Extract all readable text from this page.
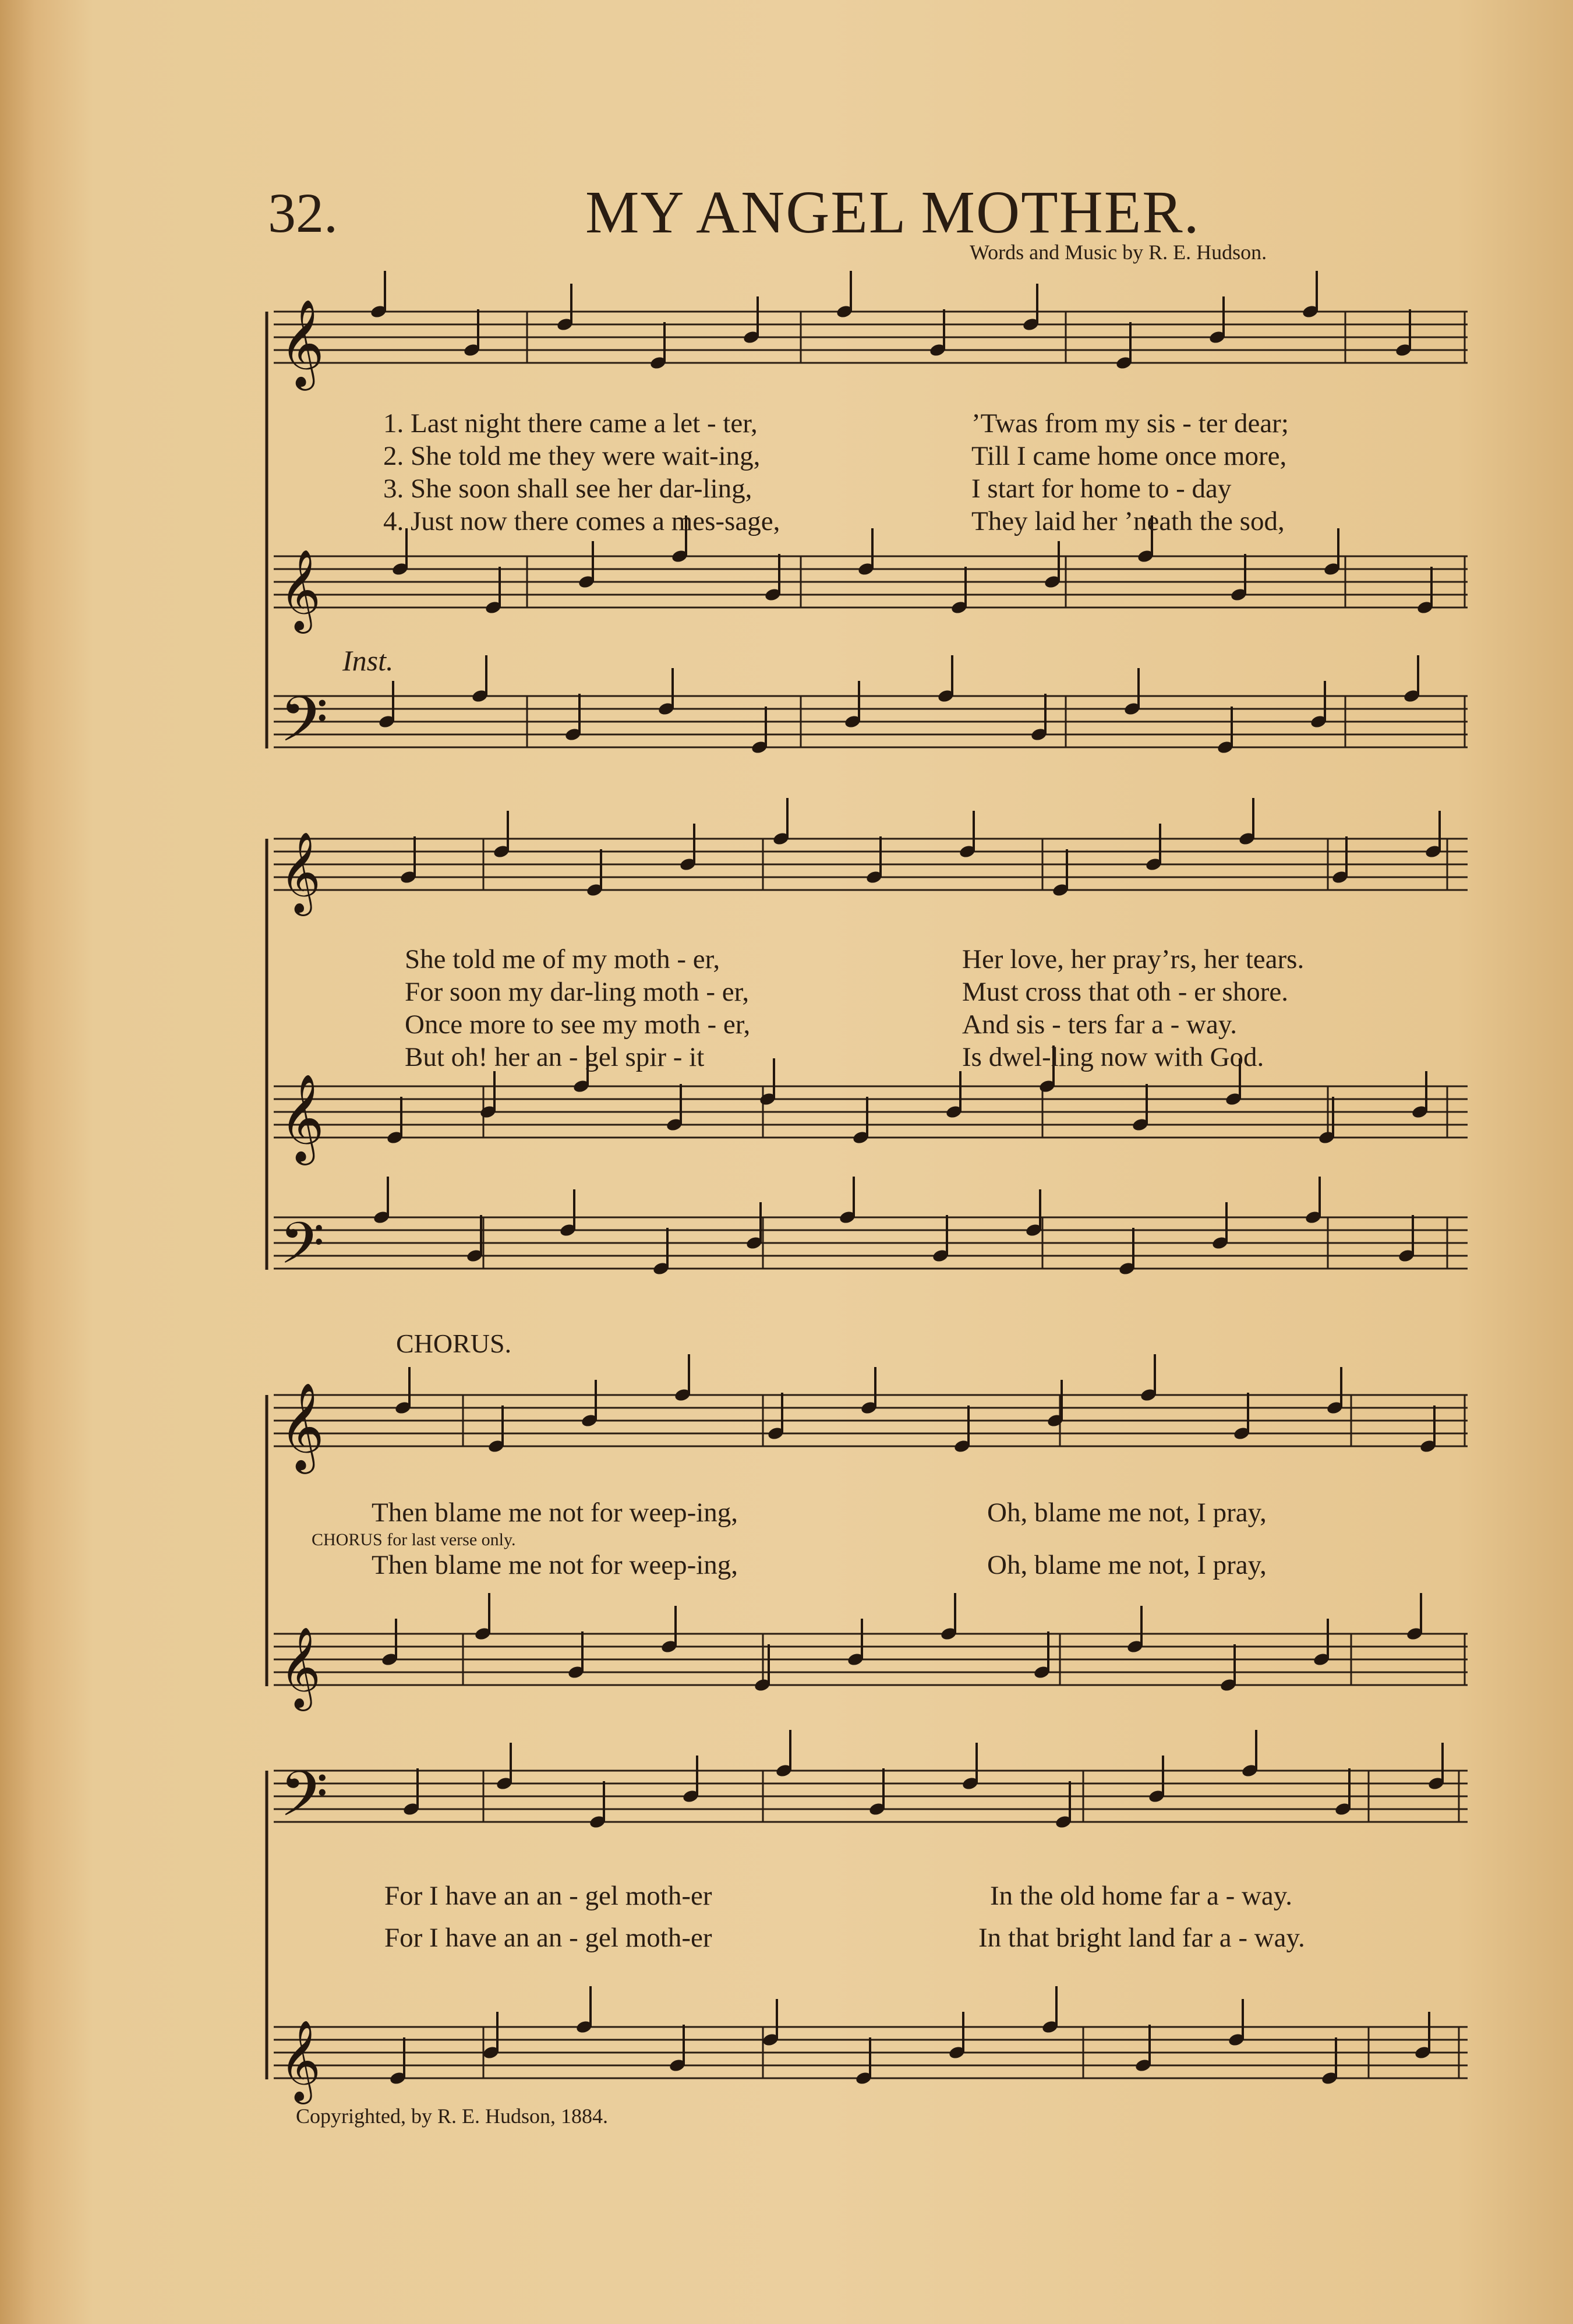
𝄞
𝄞
𝄢
𝄞
𝄞
𝄢
𝄞
𝄞
𝄢
𝄞

32.	MY ANGEL MOTHER.

Words and Music by R. E. Hudson.

1. Last night there came a let - ter,	’Twas from my sis - ter dear;

2. She told me they were wait-ing,	Till I came home once more,

3. She soon shall see her dar-ling,	I start for home to - day

4. Just now there comes a mes-sage,	They laid her ’neath the sod,

Inst.

She told me of my moth - er,	Her love, her pray’rs, her tears.

For soon my dar-ling moth - er,	Must cross that oth - er shore.

Once more to see my moth - er,	And sis - ters far a - way.

But oh! her an - gel spir - it	Is dwel-ling now with God.

CHORUS.

Then blame me not for weep-ing,	Oh, blame me not, I pray,

CHORUS for last verse only.

Then blame me not for weep-ing,	Oh, blame me not, I pray,

For I have an an - gel moth-er	In the old home far a - way.

For I have an an - gel moth-er	In that bright land far a - way.

Copyrighted, by R. E. Hudson, 1884.
